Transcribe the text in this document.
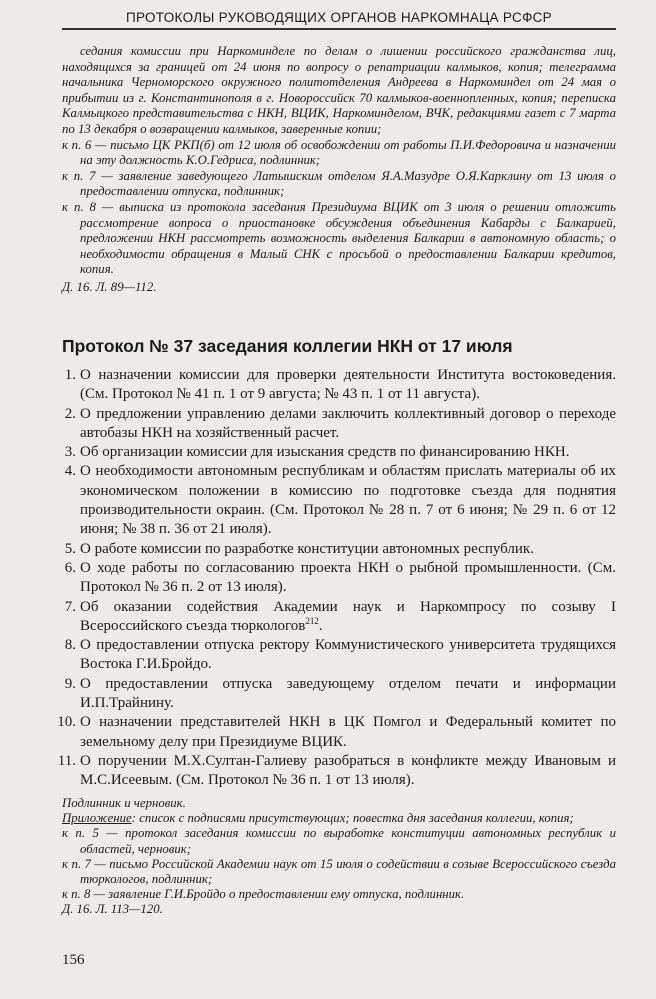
ПРОТОКОЛЫ РУКОВОДЯЩИХ ОРГАНОВ НАРКОМНАЦА РСФСР

седания комиссии при Наркоминделе по делам о лишении российского гражданства лиц, находящихся за границей от 24 июня по вопросу о репатриации калмыков, копия; телеграмма начальника Черноморского окружного политотделения Андреева в Наркоминдел от 24 мая о прибытии из г. Константинополя в г. Новороссийск 70 калмыков-военнопленных, копия; переписка Калмыцкого представительства с НКН, ВЦИК, Наркоминделом, ВЧК, редакциями газет с 7 марта по 13 декабря о возвращении калмыков, заверенные копии;

к п. 6 — письмо ЦК РКП(б) от 12 июля об освобождении от работы П.И.Федоровича и назначении на эту должность К.О.Гедриса, подлинник;

к п. 7 — заявление заведующего Латышским отделом Я.А.Мазудре О.Я.Карклину от 13 июля о предоставлении отпуска, подлинник;

к п. 8 — выписка из протокола заседания Президиума ВЦИК от 3 июля о решении отложить рассмотрение вопроса о приостановке обсуждения объединения Кабарды с Балкарией, предложении НКН рассмотреть возможность выделения Балкарии в автономную область; о необходимости обращения в Малый СНК с просьбой о предоставлении Балкарии кредитов, копия.

Д. 16. Л. 89—112.

Протокол № 37 заседания коллегии НКН от 17 июля
1. О назначении комиссии для проверки деятельности Института востоковедения. (См. Протокол № 41 п. 1 от 9 августа; № 43 п. 1 от 11 августа).
2. О предложении управлению делами заключить коллективный договор о переходе автобазы НКН на хозяйственный расчет.
3. Об организации комиссии для изыскания средств по финансированию НКН.
4. О необходимости автономным республикам и областям прислать материалы об их экономическом положении в комиссию по подготовке съезда для поднятия производительности окраин. (См. Протокол № 28 п. 7 от 6 июня; № 29 п. 6 от 12 июня; № 38 п. 36 от 21 июля).
5. О работе комиссии по разработке конституции автономных республик.
6. О ходе работы по согласованию проекта НКН о рыбной промышленности. (См. Протокол № 36 п. 2 от 13 июля).
7. Об оказании содействия Академии наук и Наркомпросу по созыву I Всероссийского съезда тюркологов$^{212}$.
8. О предоставлении отпуска ректору Коммунистического университета трудящихся Востока Г.И.Бройдо.
9. О предоставлении отпуска заведующему отделом печати и информации И.П.Трайнину.
10. О назначении представителей НКН в ЦК Помгол и Федеральный комитет по земельному делу при Президиуме ВЦИК.
11. О поручении М.Х.Султан-Галиеву разобраться в конфликте между Ивановым и М.С.Исеевым. (См. Протокол № 36 п. 1 от 13 июля).

Подлинник и черновик.

Приложение: список с подписями присутствующих; повестка дня заседания коллегии, копия;

к п. 5 — протокол заседания комиссии по выработке конституции автономных республик и областей, черновик;

к п. 7 — письмо Российской Академии наук от 15 июля о содействии в созыве Всероссийского съезда тюркологов, подлинник;

к п. 8 — заявление Г.И.Бройдо о предоставлении ему отпуска, подлинник.

Д. 16. Л. 113—120.

156
